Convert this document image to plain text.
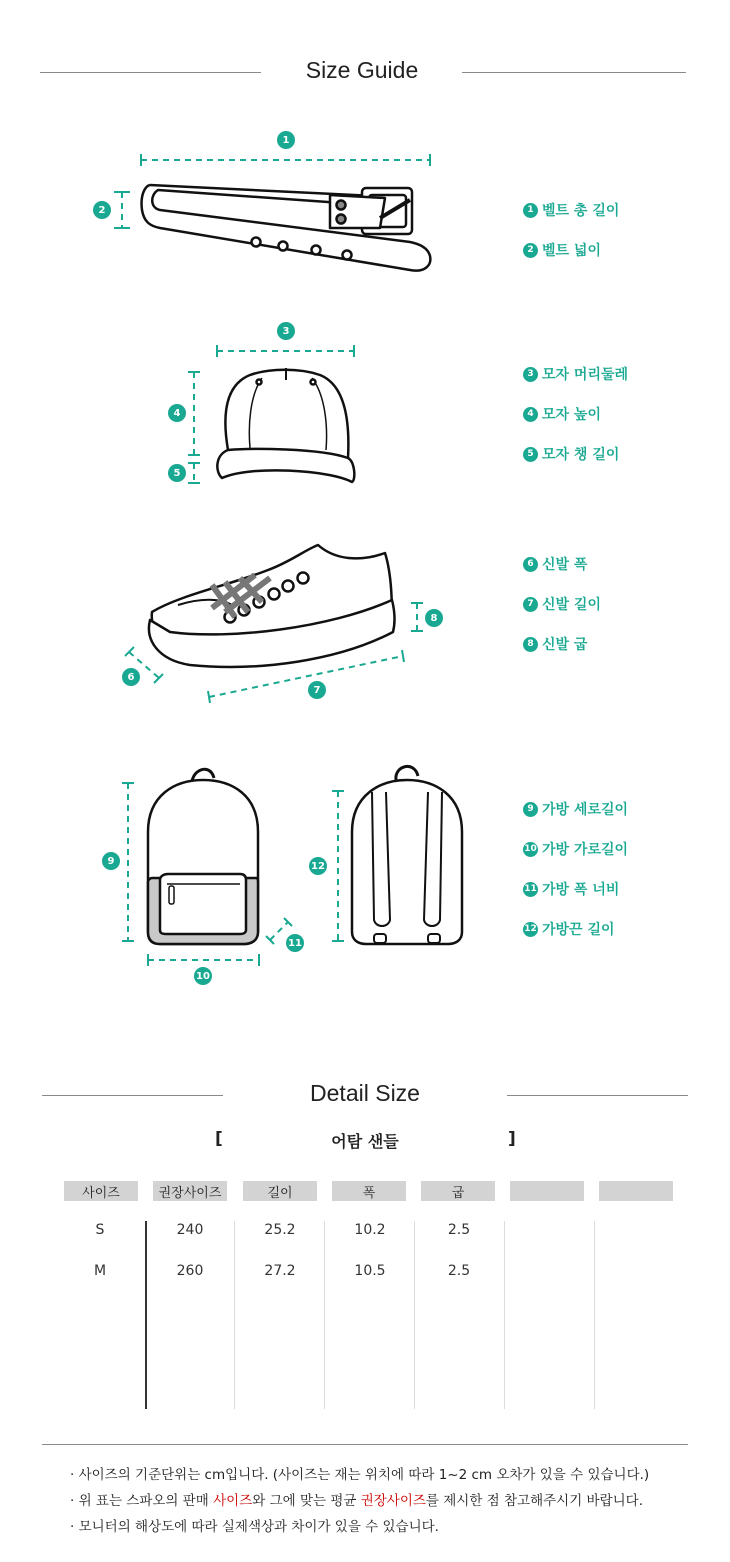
Size Guide
1
2
3
4
5
6
7
8
9
10
11
12
1 벨트 총 길이
2 벨트 넓이
3 모자 머리둘레
4 모자 높이
5 모자 챙 길이
6 신발 폭
7 신발 길이
8 신발 굽
9 가방 세로길이
10 가방 가로길이
11 가방 폭 너비
12 가방끈 길이
Detail Size
[	어탐 샌들	]
사이즈	권장사이즈	길이	폭	굽
S	240	25.2	10.2	2.5
M	260	27.2	10.5	2.5
· 사이즈의 기준단위는 cm입니다. (사이즈는 재는 위치에 따라 1~2 cm 오차가 있을 수 있습니다.)
· 위 표는 스파오의 판매 사이즈와 그에 맞는 평균 권장사이즈를 제시한 점 참고해주시기 바랍니다.
· 모니터의 해상도에 따라 실제색상과 차이가 있을 수 있습니다.
